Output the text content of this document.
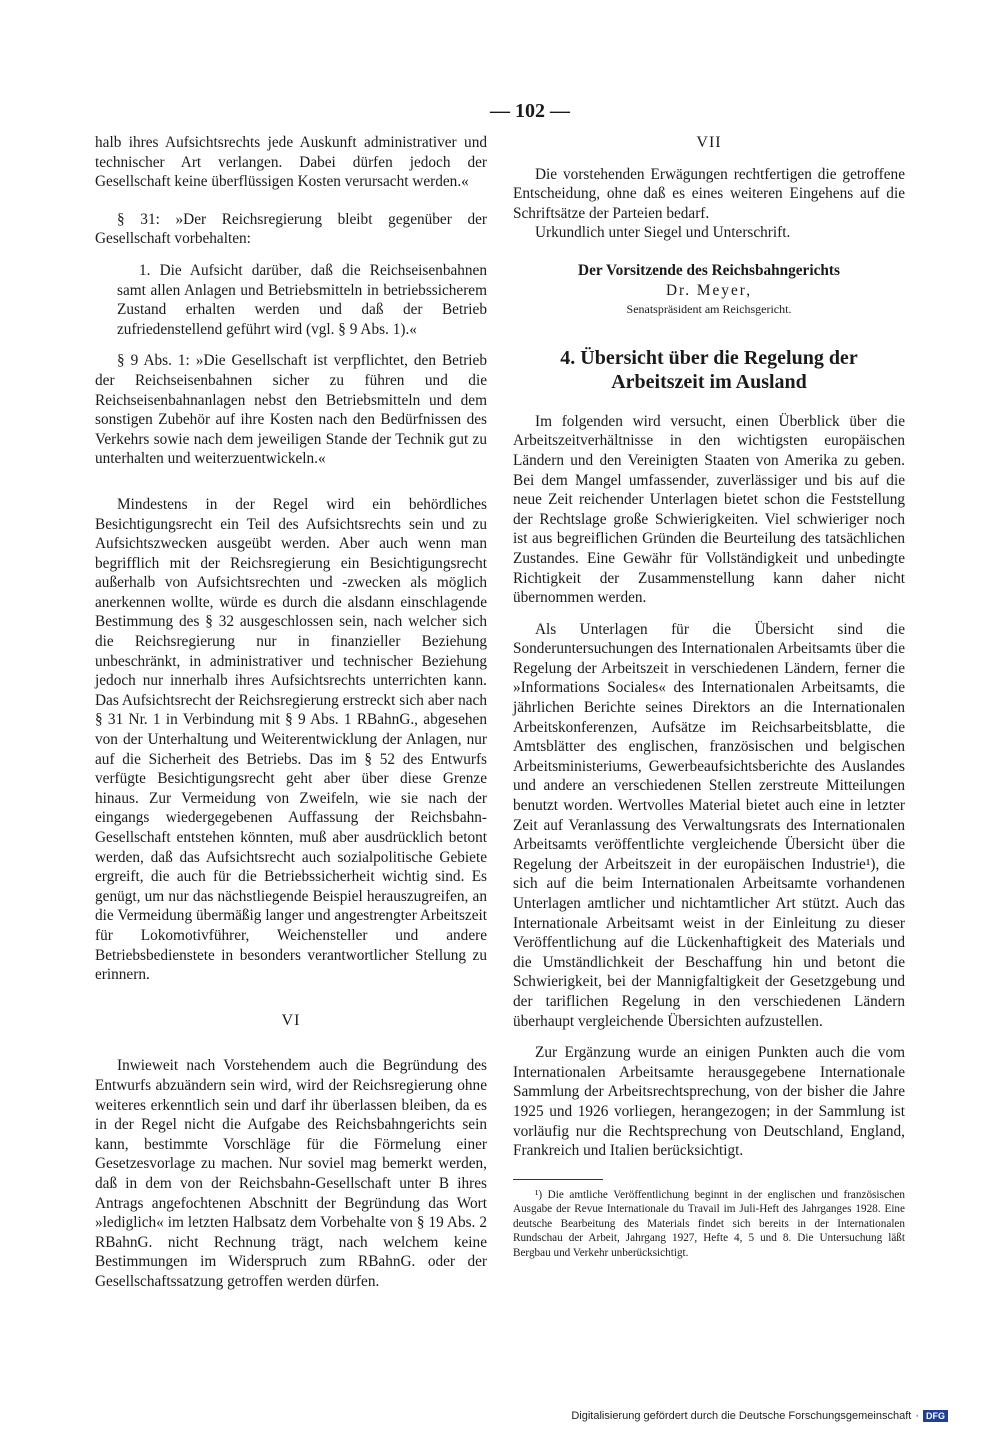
— 102 —

halb ihres Aufsichtsrechts jede Auskunft administrativer und technischer Art verlangen. Dabei dürfen jedoch der Gesellschaft keine überflüssigen Kosten verursacht werden.«

§ 31: »Der Reichsregierung bleibt gegenüber der Gesellschaft vorbehalten:

1. Die Aufsicht darüber, daß die Reichseisenbahnen samt allen Anlagen und Betriebsmitteln in betriebssicherem Zustand erhalten werden und daß der Betrieb zufriedenstellend geführt wird (vgl. § 9 Abs. 1).«

§ 9 Abs. 1: »Die Gesellschaft ist verpflichtet, den Betrieb der Reichseisenbahnen sicher zu führen und die Reichseisenbahnanlagen nebst den Betriebsmitteln und dem sonstigen Zubehör auf ihre Kosten nach den Bedürfnissen des Verkehrs sowie nach dem jeweiligen Stande der Technik gut zu unterhalten und weiterzuentwickeln.«

Mindestens in der Regel wird ein behördliches Besichtigungsrecht ein Teil des Aufsichtsrechts sein und zu Aufsichtszwecken ausgeübt werden. Aber auch wenn man begrifflich mit der Reichsregierung ein Besichtigungsrecht außerhalb von Aufsichtsrechten und -zwecken als möglich anerkennen wollte, würde es durch die alsdann einschlagende Bestimmung des § 32 ausgeschlossen sein, nach welcher sich die Reichsregierung nur in finanzieller Beziehung unbeschränkt, in administrativer und technischer Beziehung jedoch nur innerhalb ihres Aufsichtsrechts unterrichten kann. Das Aufsichtsrecht der Reichsregierung erstreckt sich aber nach § 31 Nr. 1 in Verbindung mit § 9 Abs. 1 RBahnG., abgesehen von der Unterhaltung und Weiterentwicklung der Anlagen, nur auf die Sicherheit des Betriebs. Das im § 52 des Entwurfs verfügte Besichtigungsrecht geht aber über diese Grenze hinaus. Zur Vermeidung von Zweifeln, wie sie nach der eingangs wiedergegebenen Auffassung der Reichsbahn-Gesellschaft entstehen könnten, muß aber ausdrücklich betont werden, daß das Aufsichtsrecht auch sozialpolitische Gebiete ergreift, die auch für die Betriebssicherheit wichtig sind. Es genügt, um nur das nächstliegende Beispiel herauszugreifen, an die Vermeidung übermäßig langer und angestrengter Arbeitszeit für Lokomotivführer, Weichensteller und andere Betriebsbedienstete in besonders verantwortlicher Stellung zu erinnern.

VI

Inwieweit nach Vorstehendem auch die Begründung des Entwurfs abzuändern sein wird, wird der Reichsregierung ohne weiteres erkenntlich sein und darf ihr überlassen bleiben, da es in der Regel nicht die Aufgabe des Reichsbahngerichts sein kann, bestimmte Vorschläge für die Förmelung einer Gesetzesvorlage zu machen. Nur soviel mag bemerkt werden, daß in dem von der Reichsbahn-Gesellschaft unter B ihres Antrags angefochtenen Abschnitt der Begründung das Wort »lediglich« im letzten Halbsatz dem Vorbehalte von § 19 Abs. 2 RBahnG. nicht Rechnung trägt, nach welchem keine Bestimmungen im Widerspruch zum RBahnG. oder der Gesellschaftssatzung getroffen werden dürfen.

VII

Die vorstehenden Erwägungen rechtfertigen die getroffene Entscheidung, ohne daß es eines weiteren Eingehens auf die Schriftsätze der Parteien bedarf.

Urkundlich unter Siegel und Unterschrift.

Der Vorsitzende des Reichsbahngerichts

Dr. Meyer,

Senatspräsident am Reichsgericht.

4. Übersicht über die Regelung der Arbeitszeit im Ausland

Im folgenden wird versucht, einen Überblick über die Arbeitszeitverhältnisse in den wichtigsten europäischen Ländern und den Vereinigten Staaten von Amerika zu geben. Bei dem Mangel umfassender, zuverlässiger und bis auf die neue Zeit reichender Unterlagen bietet schon die Feststellung der Rechtslage große Schwierigkeiten. Viel schwieriger noch ist aus begreiflichen Gründen die Beurteilung des tatsächlichen Zustandes. Eine Gewähr für Vollständigkeit und unbedingte Richtigkeit der Zusammenstellung kann daher nicht übernommen werden.

Als Unterlagen für die Übersicht sind die Sonderuntersuchungen des Internationalen Arbeitsamts über die Regelung der Arbeitszeit in verschiedenen Ländern, ferner die »Informations Sociales« des Internationalen Arbeitsamts, die jährlichen Berichte seines Direktors an die Internationalen Arbeitskonferenzen, Aufsätze im Reichsarbeitsblatte, die Amtsblätter des englischen, französischen und belgischen Arbeitsministeriums, Gewerbeaufsichtsberichte des Auslandes und andere an verschiedenen Stellen zerstreute Mitteilungen benutzt worden. Wertvolles Material bietet auch eine in letzter Zeit auf Veranlassung des Verwaltungsrats des Internationalen Arbeitsamts veröffentlichte vergleichende Übersicht über die Regelung der Arbeitszeit in der europäischen Industrie¹), die sich auf die beim Internationalen Arbeitsamte vorhandenen Unterlagen amtlicher und nichtamtlicher Art stützt. Auch das Internationale Arbeitsamt weist in der Einleitung zu dieser Veröffentlichung auf die Lückenhaftigkeit des Materials und die Umständlichkeit der Beschaffung hin und betont die Schwierigkeit, bei der Mannigfaltigkeit der Gesetzgebung und der tariflichen Regelung in den verschiedenen Ländern überhaupt vergleichende Übersichten aufzustellen.

Zur Ergänzung wurde an einigen Punkten auch die vom Internationalen Arbeitsamte herausgegebene Internationale Sammlung der Arbeitsrechtsprechung, von der bisher die Jahre 1925 und 1926 vorliegen, herangezogen; in der Sammlung ist vorläufig nur die Rechtsprechung von Deutschland, England, Frankreich und Italien berücksichtigt.

¹) Die amtliche Veröffentlichung beginnt in der englischen und französischen Ausgabe der Revue Internationale du Travail im Juli-Heft des Jahrganges 1928. Eine deutsche Bearbeitung des Materials findet sich bereits in der Internationalen Rundschau der Arbeit, Jahrgang 1927, Hefte 4, 5 und 8. Die Untersuchung läßt Bergbau und Verkehr unberücksichtigt.

Digitalisierung gefördert durch die Deutsche Forschungsgemeinschaft · DFG
